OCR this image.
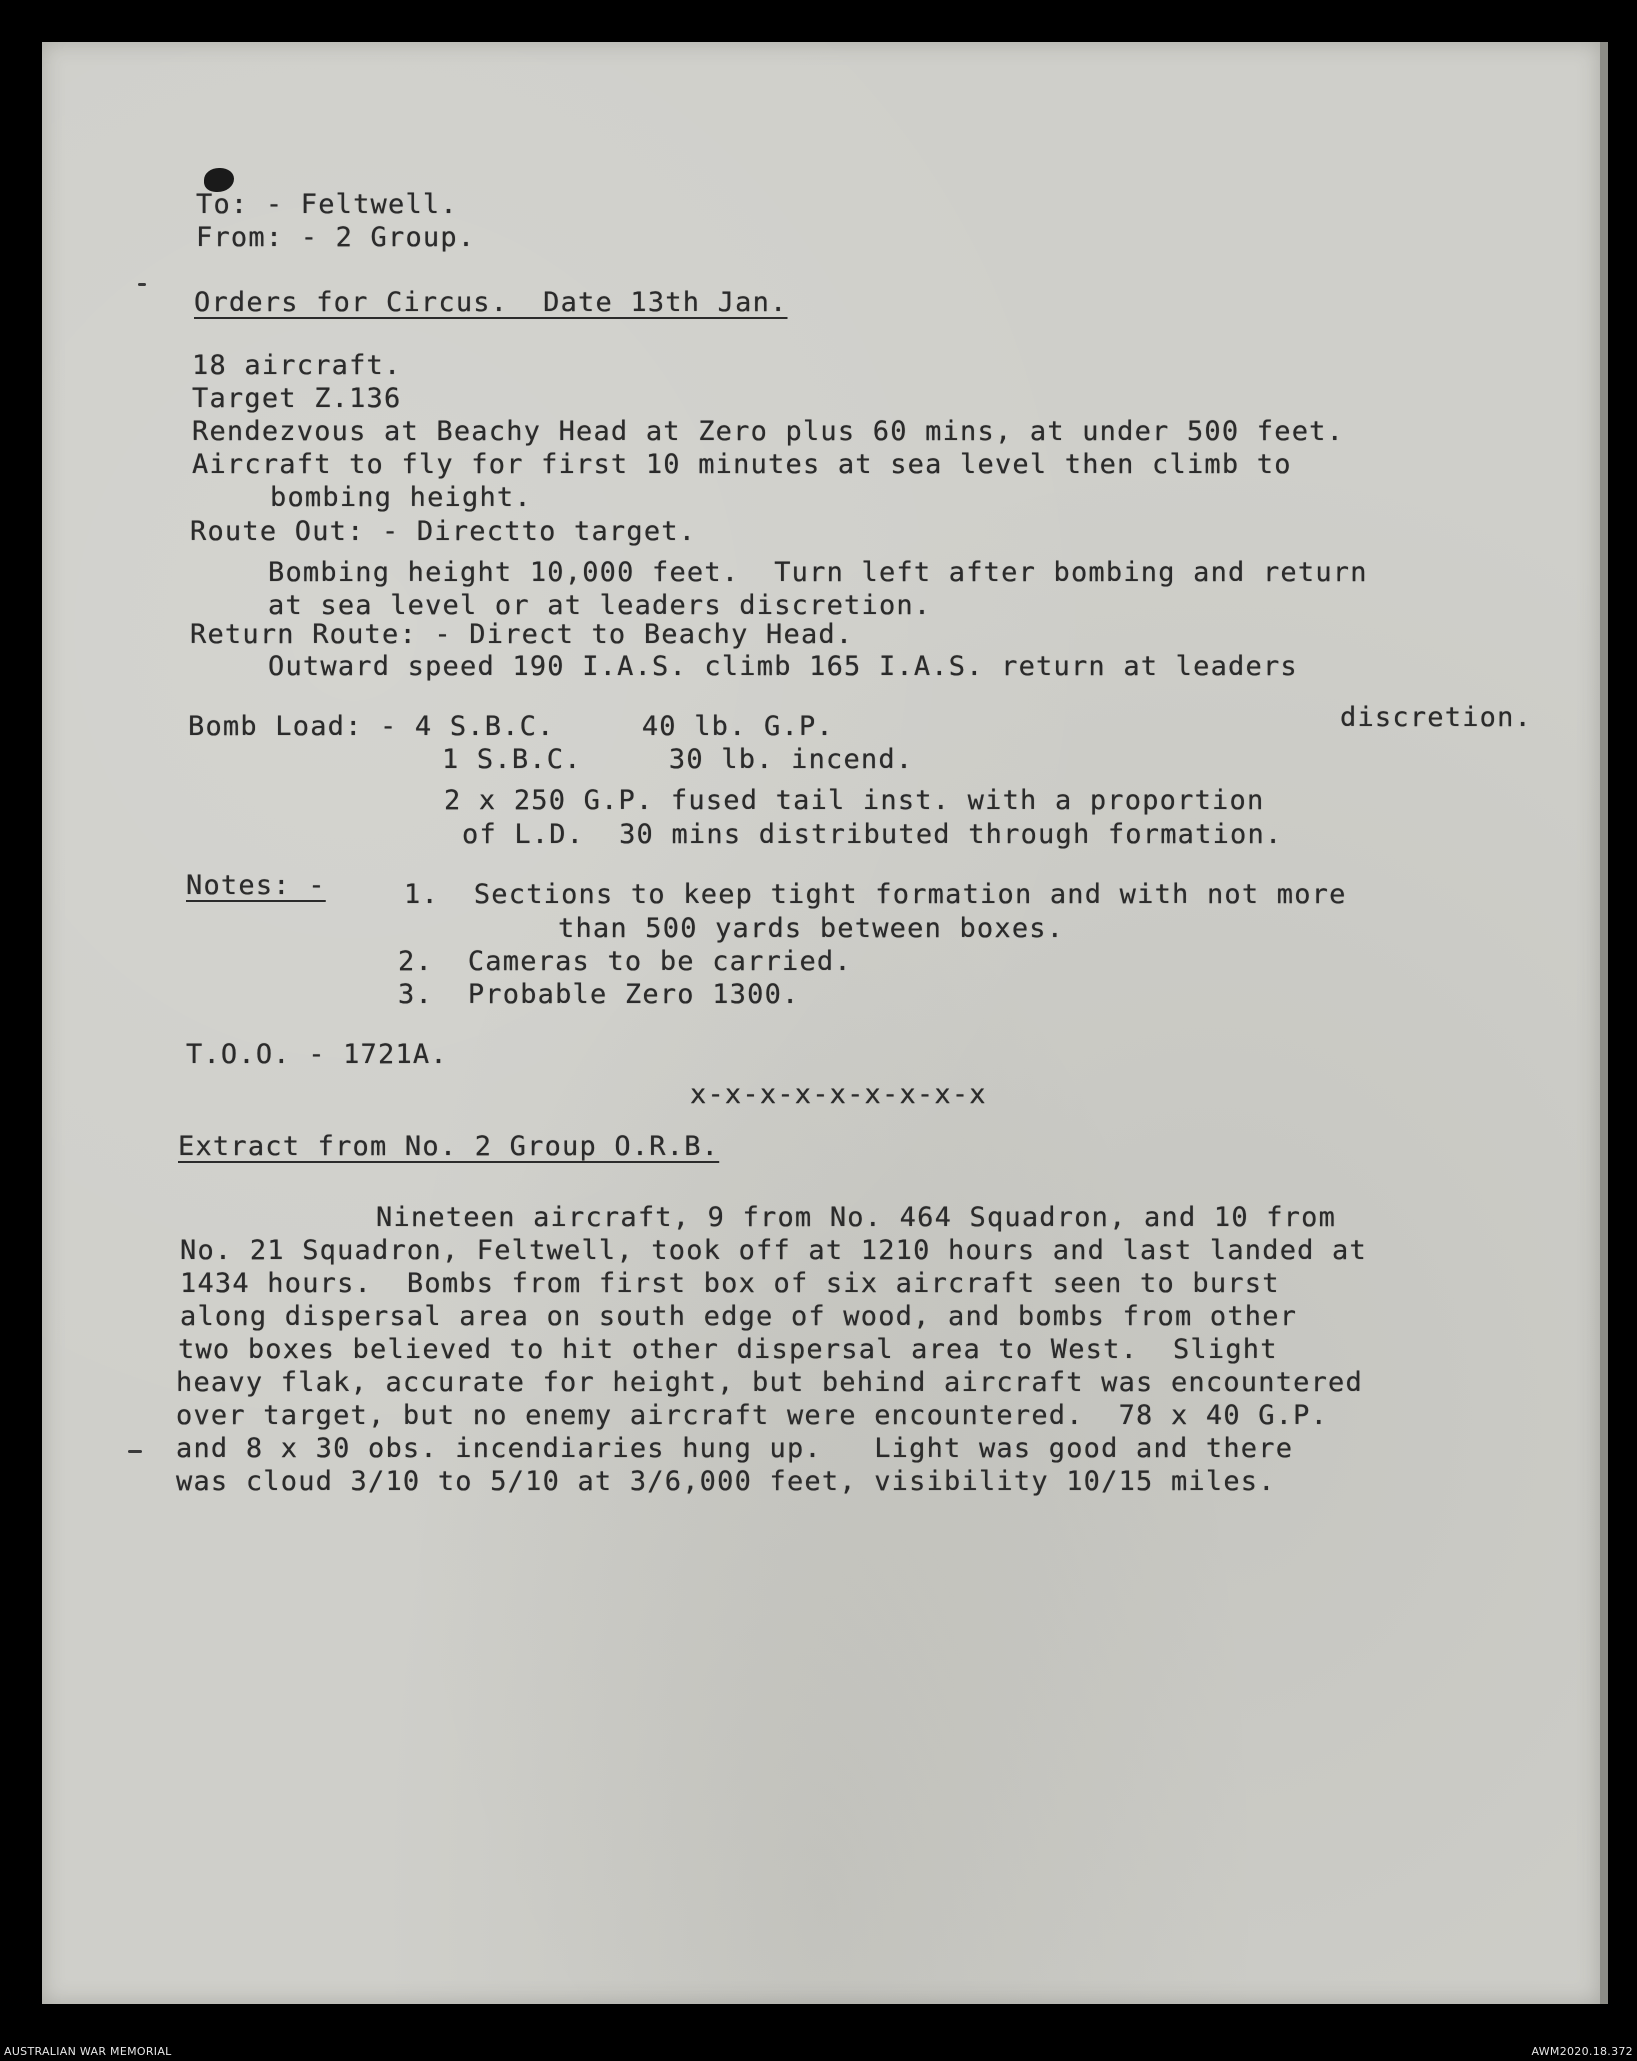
To: - Feltwell.
From: - 2 Group.
Orders for Circus.  Date 13th Jan.
18 aircraft.
Target Z.136
Rendezvous at Beachy Head at Zero plus 60 mins, at under 500 feet.
Aircraft to fly for first 10 minutes at sea level then climb to
bombing height.
Route Out: - Directto target.
Bombing height 10,000 feet.  Turn left after bombing and return
at sea level or at leaders discretion.
Return Route: - Direct to Beachy Head.
Outward speed 190 I.A.S. climb 165 I.A.S. return at leaders
discretion.
Bomb Load: - 4 S.B.C.     40 lb. G.P.
1 S.B.C.     30 lb. incend.
2 x 250 G.P. fused tail inst. with a proportion
of L.D.  30 mins distributed through formation.
Notes: -	1.  Sections to keep tight formation and with not more
than 500 yards between boxes.
2.  Cameras to be carried.
3.  Probable Zero 1300.
T.O.O. - 1721A.
x-x-x-x-x-x-x-x-x
Extract from No. 2 Group O.R.B.
Nineteen aircraft, 9 from No. 464 Squadron, and 10 from
No. 21 Squadron, Feltwell, took off at 1210 hours and last landed at
1434 hours.  Bombs from first box of six aircraft seen to burst
along dispersal area on south edge of wood, and bombs from other
two boxes believed to hit other dispersal area to West.  Slight
heavy flak, accurate for height, but behind aircraft was encountered
over target, but no enemy aircraft were encountered.  78 x 40 G.P.
and 8 x 30 obs. incendiaries hung up.   Light was good and there
was cloud 3/10 to 5/10 at 3/6,000 feet, visibility 10/15 miles.
AUSTRALIAN WAR MEMORIAL	AWM2020.18.372
